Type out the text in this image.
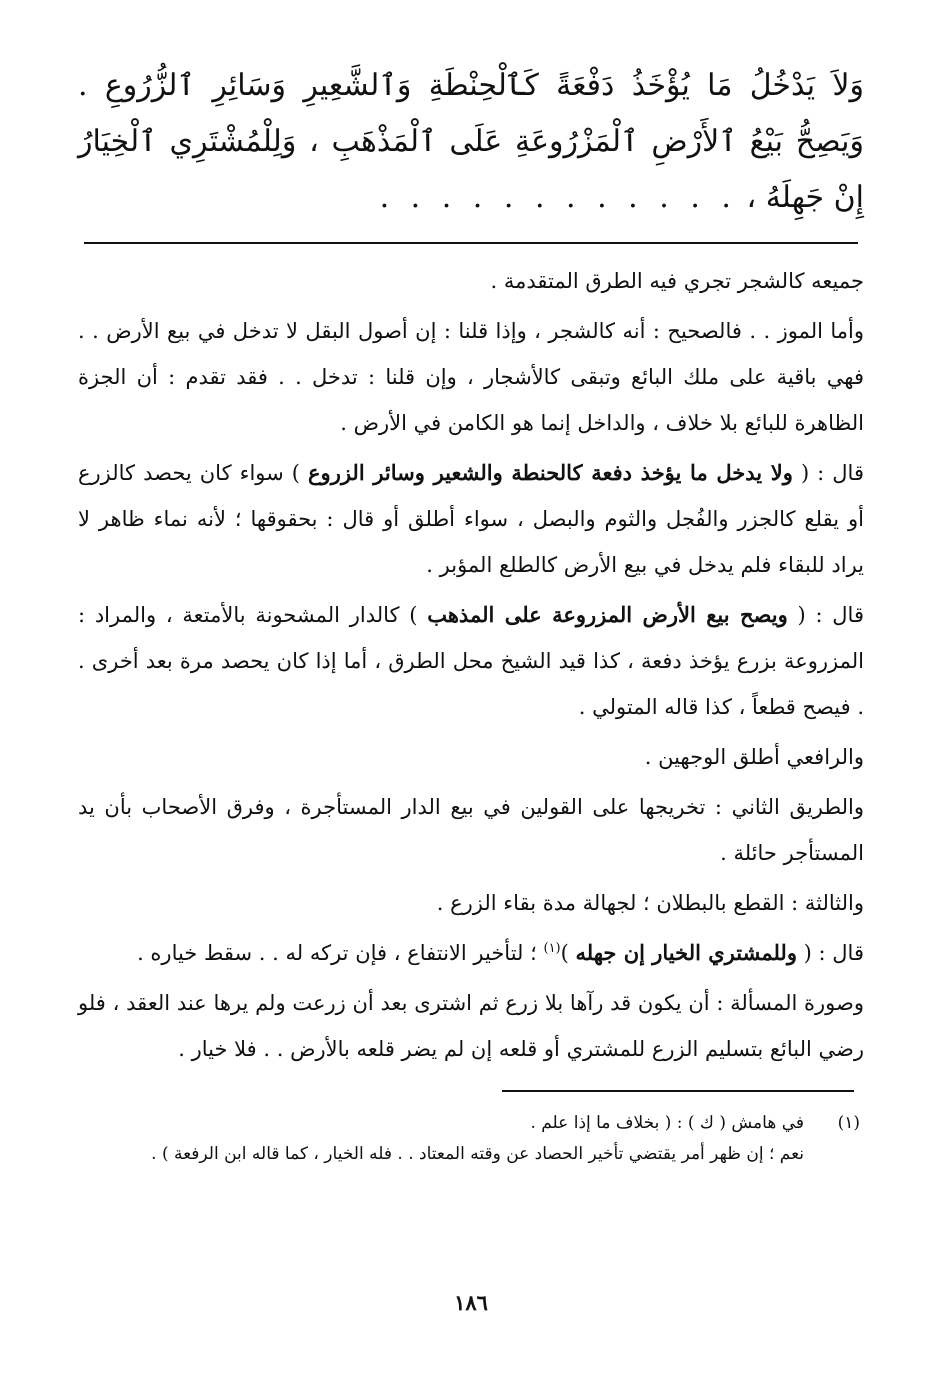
وَلاَ يَدْخُلُ مَا يُؤْخَذُ دَفْعَةً كَٱلْحِنْطَةِ وَٱلشَّعِيرِ وَسَائِرِ ٱلزُّرُوعِ . وَيَصِحُّ بَيْعُ ٱلأَرْضِ ٱلْمَزْرُوعَةِ عَلَى ٱلْمَذْهَبِ ، وَلِلْمُشْتَرِي ٱلْخِيَارُ إِنْ جَهِلَهُ ، . . . . . . . . . . . .

جميعه كالشجر تجري فيه الطرق المتقدمة .

وأما الموز . . فالصحيح : أنه كالشجر ، وإذا قلنا : إن أصول البقل لا تدخل في بيع الأرض . . فهي باقية على ملك البائع وتبقى كالأشجار ، وإن قلنا : تدخل . . فقد تقدم : أن الجزة الظاهرة للبائع بلا خلاف ، والداخل إنما هو الكامن في الأرض .

قال : ( ولا يدخل ما يؤخذ دفعة كالحنطة والشعير وسائر الزروع ) سواء كان يحصد كالزرع أو يقلع كالجزر والفُجل والثوم والبصل ، سواء أطلق أو قال : بحقوقها ؛ لأنه نماء ظاهر لا يراد للبقاء فلم يدخل في بيع الأرض كالطلع المؤبر .

قال : ( ويصح بيع الأرض المزروعة على المذهب ) كالدار المشحونة بالأمتعة ، والمراد : المزروعة بزرع يؤخذ دفعة ، كذا قيد الشيخ محل الطرق ، أما إذا كان يحصد مرة بعد أخرى . . فيصح قطعاً ، كذا قاله المتولي .

والرافعي أطلق الوجهين .

والطريق الثاني : تخريجها على القولين في بيع الدار المستأجرة ، وفرق الأصحاب بأن يد المستأجر حائلة .

والثالثة : القطع بالبطلان ؛ لجهالة مدة بقاء الزرع .

قال : ( وللمشتري الخيار إن جهله )$^{(١)}$ ؛ لتأخير الانتفاع ، فإن تركه له . . سقط خياره .

وصورة المسألة : أن يكون قد رآها بلا زرع ثم اشترى بعد أن زرعت ولم يرها عند العقد ، فلو رضي البائع بتسليم الزرع للمشتري أو قلعه إن لم يضر قلعه بالأرض . . فلا خيار .

(١)
في هامش ( ك ) : ( بخلاف ما إذا علم .
نعم ؛ إن ظهر أمر يقتضي تأخير الحصاد عن وقته المعتاد . . فله الخيار ، كما قاله ابن الرفعة ) .
١٨٦
